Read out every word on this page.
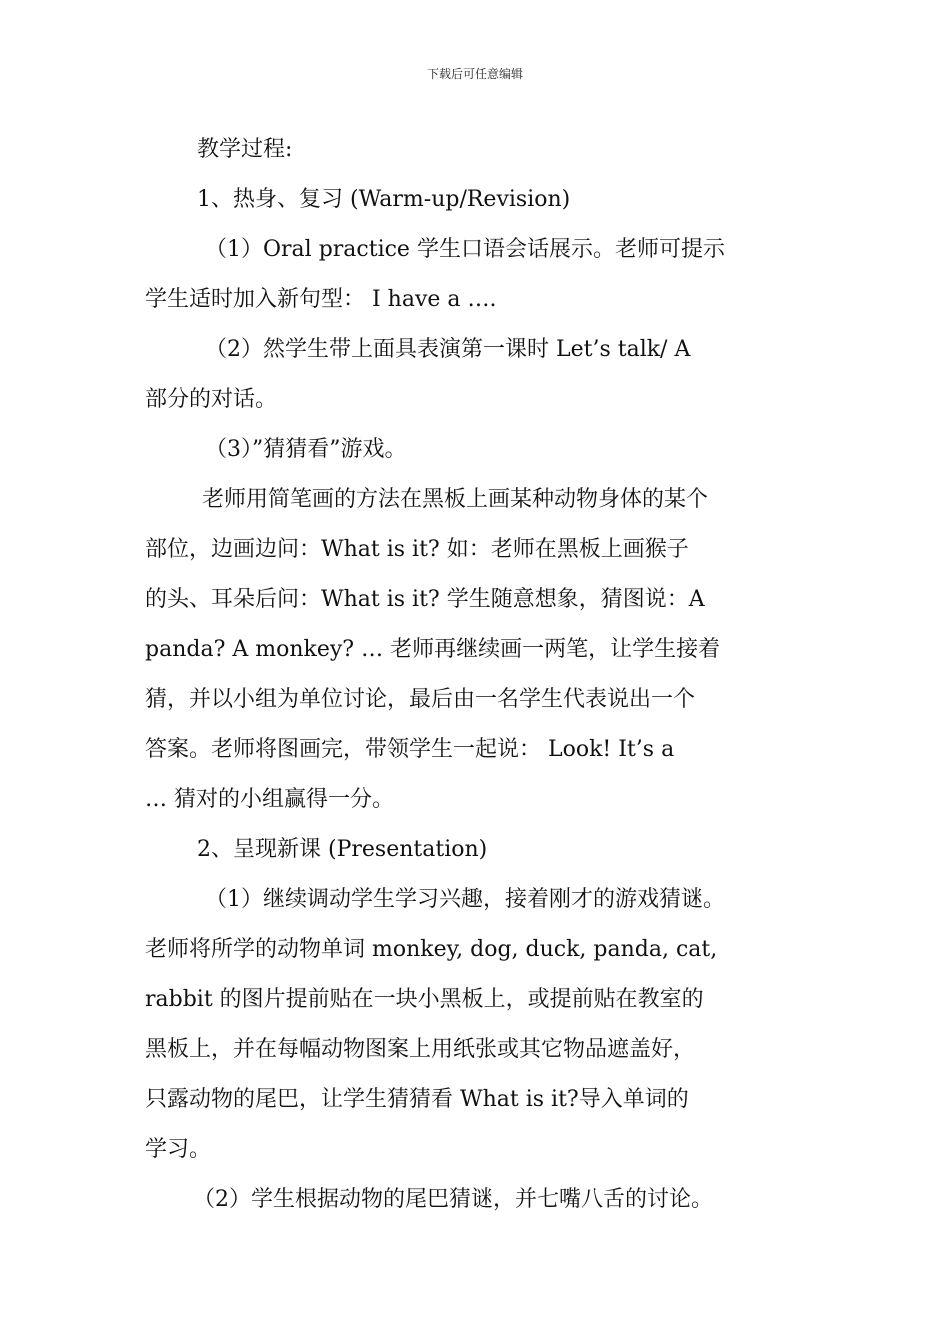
下载后可任意编辑
教学过程:
1、热身、复习 (Warm-up/Revision)
（1）Oral practice 学生口语会话展示。老师可提示
学生适时加入新句型： I have a ….
（2）然学生带上面具表演第一课时 Let’s talk/ A
部分的对话。
（3）”猜猜看”游戏。
老师用简笔画的方法在黑板上画某种动物身体的某个
部位，边画边问：What is it? 如：老师在黑板上画猴子
的头、耳朵后问：What is it? 学生随意想象，猜图说：A
panda? A monkey? … 老师再继续画一两笔，让学生接着
猜，并以小组为单位讨论，最后由一名学生代表说出一个
答案。老师将图画完，带领学生一起说： Look! It’s a
… 猜对的小组赢得一分。
2、呈现新课 (Presentation)
（1）继续调动学生学习兴趣，接着刚才的游戏猜谜。
老师将所学的动物单词 monkey, dog, duck, panda, cat,
rabbit 的图片提前贴在一块小黑板上，或提前贴在教室的
黑板上，并在每幅动物图案上用纸张或其它物品遮盖好，
只露动物的尾巴，让学生猜猜看 What is it?导入单词的
学习。
（2）学生根据动物的尾巴猜谜，并七嘴八舌的讨论。
